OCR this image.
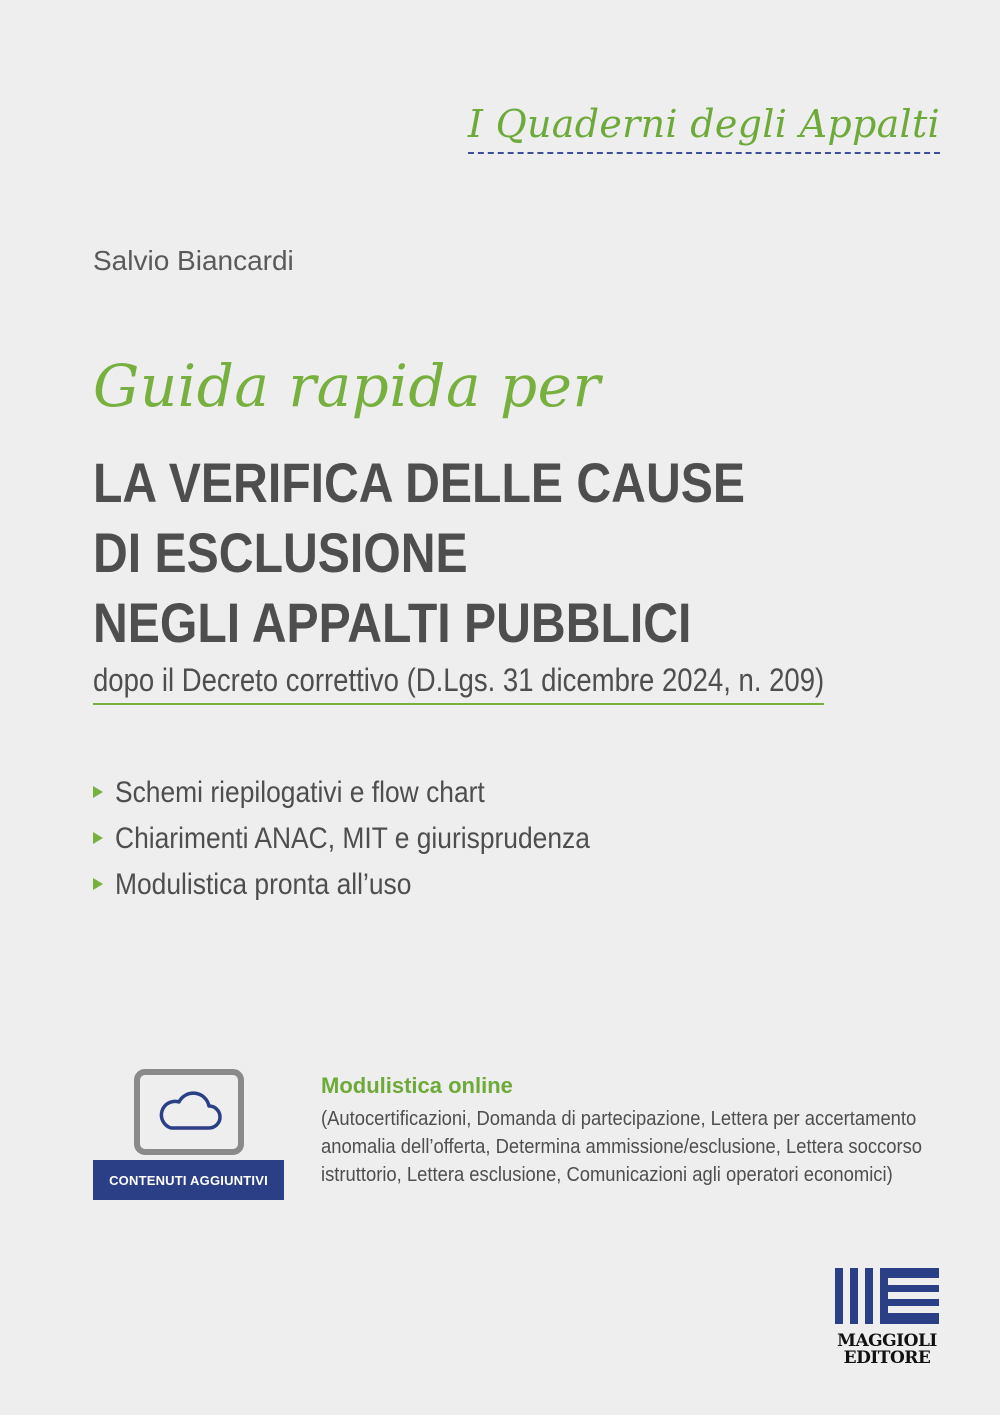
I Quaderni degli Appalti
Salvio Biancardi
Guida rapida per
LA VERIFICA DELLE CAUSE
DI ESCLUSIONE
NEGLI APPALTI PUBBLICI
dopo il Decreto correttivo (D.Lgs. 31 dicembre 2024, n. 209)
Schemi riepilogativi e flow chart
Chiarimenti ANAC, MIT e giurisprudenza
Modulistica pronta all’uso
CONTENUTI AGGIUNTIVI
Modulistica online
(Autocertificazioni, Domanda di partecipazione, Lettera per accertamento anomalia dell’offerta, Determina ammissione/esclusione, Lettera soccorso istruttorio, Lettera esclusione, Comunicazioni agli operatori economici)
MAGGIOLI
EDITORE
